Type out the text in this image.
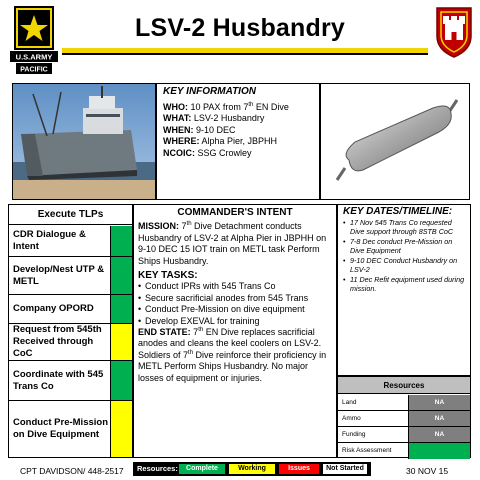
U.S.ARMY
PACIFIC
LSV-2 Husbandry
KEY INFORMATION
WHO: 10 PAX from 7th EN Dive
WHAT: LSV-2 Husbandry
WHEN: 9-10 DEC
WHERE: Alpha Pier, JBPHH
NCOIC: SSG Crowley
Execute TLPs
CDR Dialogue & Intent
Develop/Nest UTP & METL
Company OPORD
Request from 545th Received through CoC
Coordinate with 545 Trans Co
Conduct Pre-Mission on Dive Equipment
COMMANDER'S INTENT
MISSION: 7th Dive Detachment conducts Husbandry of LSV-2 at Alpha Pier in JBPHH on 9-10 DEC 15 IOT train on METL task Perform Ships Husbandry.
KEY TASKS:
• Conduct IPRs with 545 Trans Co
• Secure sacrificial anodes from 545 Trans
• Conduct Pre-Mission on dive equipment
• Develop EXEVAL for training
END STATE: 7th EN Dive replaces sacrificial anodes and cleans the keel coolers on LSV-2. Soldiers of 7th Dive reinforce their proficiency in METL Perform Ships Husbandry. No major losses of equipment or injuries.
KEY DATES/TIMELINE:
• 17 Nov 545 Trans Co requested Dive support through 8STB CoC
• 7-8 Dec conduct Pre-Mission on Dive Equipment
• 9-10 DEC Conduct Husbandry on LSV-2
• 11 Dec Refit equipment used during mission.
Resources
Land	NA
Ammo	NA
Funding	NA
Risk Assessment
CPT DAVIDSON/ 448-2517 Resources:	Complete	Working	Issues	Not Started	30 NOV 15
